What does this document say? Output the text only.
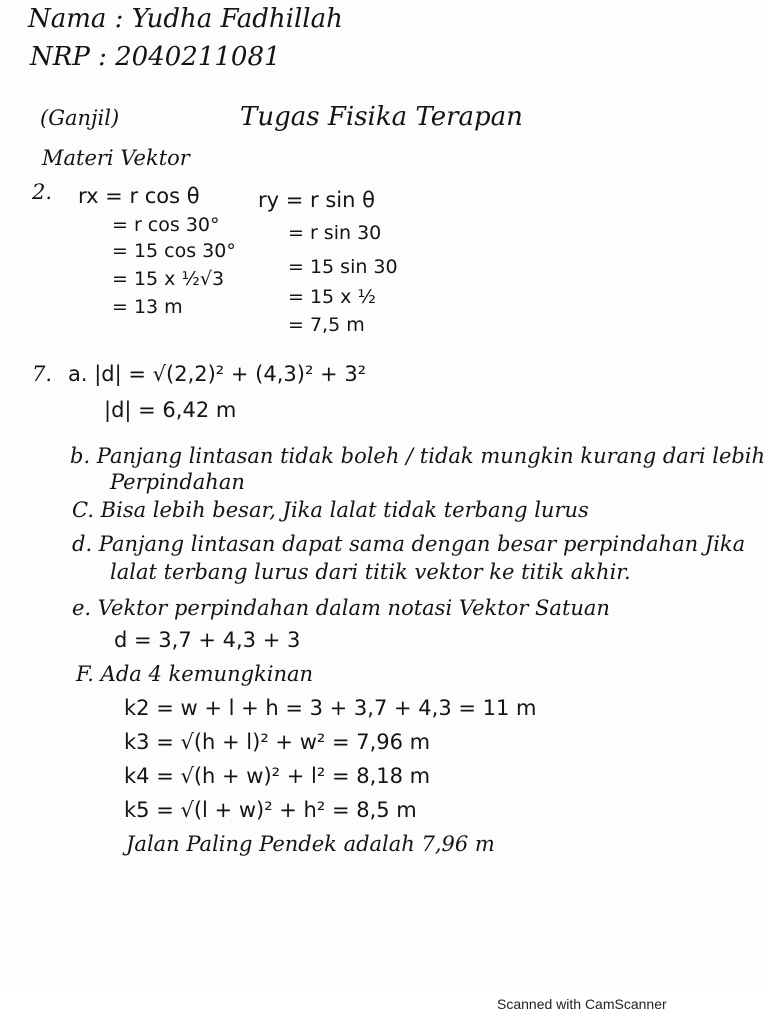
Nama : Yudha Fadhillah
NRP : 2040211081
(Ganjil)	Tugas Fisika Terapan
Materi Vektor
2. rx = r cos θ
= r cos 30°
= 15 cos 30°
= 15 x ½√3
= 13 m
ry = r sin θ
= r sin 30
= 15 sin 30
= 15 x ½
= 7,5 m
7. a. |d| = √(2,2)² + (4,3)² + 3²
|d| = 6,42 m
b. Panjang lintasan tidak boleh / tidak mungkin kurang dari lebih
Perpindahan
C. Bisa lebih besar, Jika lalat tidak terbang lurus
d. Panjang lintasan dapat sama dengan besar perpindahan Jika
lalat terbang lurus dari titik vektor ke titik akhir.
e. Vektor perpindahan dalam notasi Vektor Satuan
d = 3,7 + 4,3 + 3
F. Ada 4 kemungkinan
k2 = w + l + h = 3 + 3,7 + 4,3 = 11 m
k3 = √(h + l)² + w² = 7,96 m
k4 = √(h + w)² + l² = 8,18 m
k5 = √(l + w)² + h² = 8,5 m
Jalan Paling Pendek adalah 7,96 m
Scanned with CamScanner
